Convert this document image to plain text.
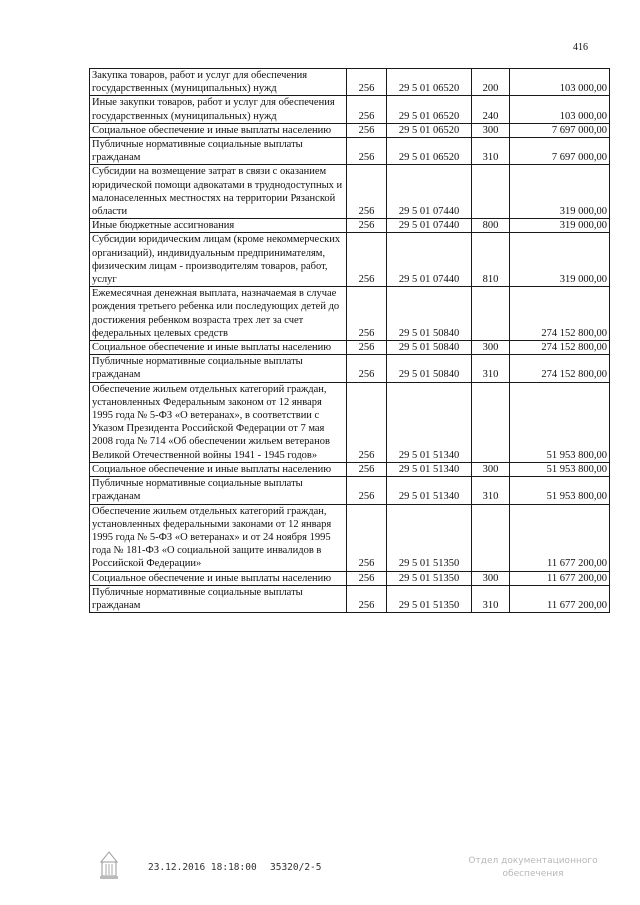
416
Закупка товаров, работ и услуг для обеспечения государственных (муниципальных) нужд	256	29 5 01 06520	200	103 000,00
Иные закупки товаров, работ и услуг для обеспечения государственных (муниципальных) нужд	256	29 5 01 06520	240	103 000,00
Социальное обеспечение и иные выплаты населению	256	29 5 01 06520	300	7 697 000,00
Публичные нормативные социальные выплаты гражданам	256	29 5 01 06520	310	7 697 000,00
Субсидии на возмещение затрат в связи с оказанием юридической помощи адвокатами в труднодоступных и малонаселенных местностях на территории Рязанской области	256	29 5 01 07440		319 000,00
Иные бюджетные ассигнования	256	29 5 01 07440	800	319 000,00
Субсидии юридическим лицам (кроме некоммерческих организаций), индивидуальным предпринимателям, физическим лицам - производителям товаров, работ, услуг	256	29 5 01 07440	810	319 000,00
Ежемесячная денежная выплата, назначаемая в случае рождения третьего ребенка или последующих детей до достижения ребенком возраста трех лет за счет федеральных целевых средств	256	29 5 01 50840		274 152 800,00
Социальное обеспечение и иные выплаты населению	256	29 5 01 50840	300	274 152 800,00
Публичные нормативные социальные выплаты гражданам	256	29 5 01 50840	310	274 152 800,00
Обеспечение жильем отдельных категорий граждан, установленных Федеральным законом от 12 января 1995 года № 5-ФЗ «О ветеранах», в соответствии с Указом Президента Российской Федерации от 7 мая 2008 года № 714 «Об обеспечении жильем ветеранов Великой Отечественной войны 1941 - 1945 годов»	256	29 5 01 51340		51 953 800,00
Социальное обеспечение и иные выплаты населению	256	29 5 01 51340	300	51 953 800,00
Публичные нормативные социальные выплаты гражданам	256	29 5 01 51340	310	51 953 800,00
Обеспечение жильем отдельных категорий граждан, установленных федеральными законами от 12 января 1995 года № 5-ФЗ «О ветеранах» и от 24 ноября 1995 года № 181-ФЗ «О социальной защите инвалидов в Российской Федерации»	256	29 5 01 51350		11 677 200,00
Социальное обеспечение и иные выплаты населению	256	29 5 01 51350	300	11 677 200,00
Публичные нормативные социальные выплаты гражданам	256	29 5 01 51350	310	11 677 200,00
23.12.2016 18:18:00 35320/2-5
Отдел документационного обеспечения
